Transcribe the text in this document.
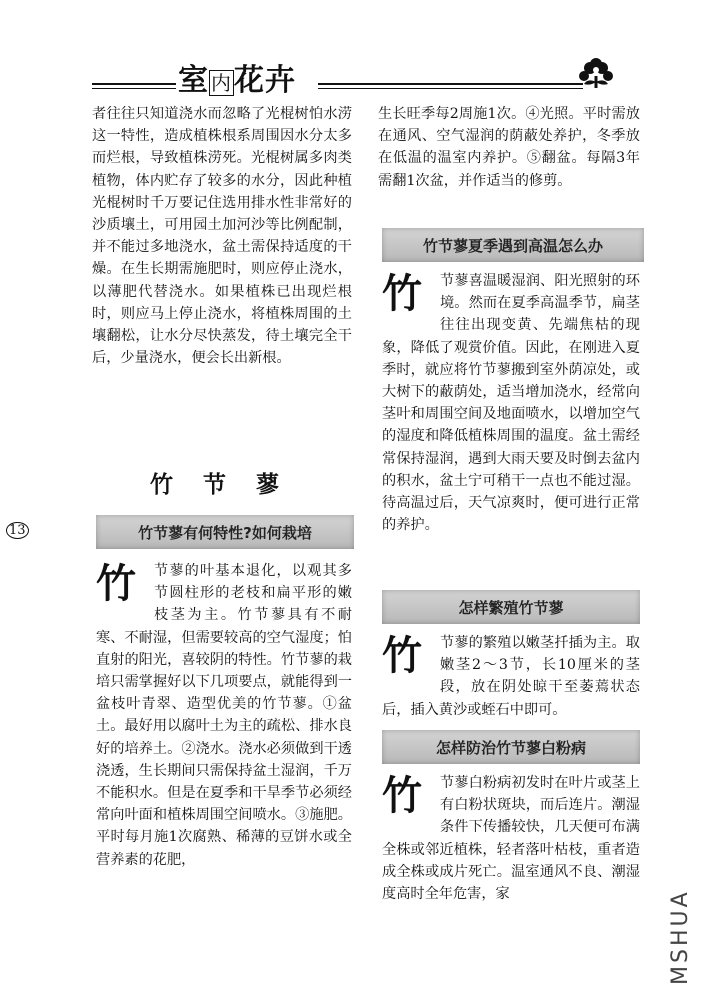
室内花卉

者往往只知道浇水而忽略了光棍树怕水涝这一特性，造成植株根系周围因水分太多而烂根，导致植株涝死。光棍树属多肉类植物，体内贮存了较多的水分，因此种植光棍树时千万要记住选用排水性非常好的沙质壤土，可用园土加河沙等比例配制，并不能过多地浇水，盆土需保持适度的干燥。在生长期需施肥时，则应停止浇水，以薄肥代替浇水。如果植株已出现烂根时，则应马上停止浇水，将植株周围的土壤翻松，让水分尽快蒸发，待土壤完全干后，少量浇水，便会长出新根。

竹节蓼
竹节蓼有何特性?如何栽培
竹	节蓼的叶基本退化，以观其多节圆柱形的老枝和扁平形的嫩枝茎为主。竹节蓼具有不耐寒、不耐湿，但需要较高的空气湿度；怕直射的阳光，喜较阴的特性。竹节蓼的栽培只需掌握好以下几项要点，就能得到一盆枝叶青翠、造型优美的竹节蓼。①盆土。最好用以腐叶土为主的疏松、排水良好的培养土。②浇水。浇水必须做到干透浇透，生长期间只需保持盆土湿润，千万不能积水。但是在夏季和干旱季节必须经常向叶面和植株周围空间喷水。③施肥。平时每月施1次腐熟、稀薄的豆饼水或全营养素的花肥，

生长旺季每2周施1次。④光照。平时需放在通风、空气湿润的荫蔽处养护，冬季放在低温的温室内养护。⑤翻盆。每隔3年需翻1次盆，并作适当的修剪。

竹节蓼夏季遇到高温怎么办
竹	节蓼喜温暖湿润、阳光照射的环境。然而在夏季高温季节，扁茎往往出现变黄、先端焦枯的现象，降低了观赏价值。因此，在刚进入夏季时，就应将竹节蓼搬到室外荫凉处，或大树下的蔽荫处，适当增加浇水，经常向茎叶和周围空间及地面喷水，以增加空气的湿度和降低植株周围的温度。盆土需经常保持湿润，遇到大雨天要及时倒去盆内的积水，盆土宁可稍干一点也不能过湿。待高温过后，天气凉爽时，便可进行正常的养护。

怎样繁殖竹节蓼
竹	节蓼的繁殖以嫩茎扦插为主。取嫩茎2～3节，长10厘米的茎段，放在阴处晾干至萎蔫状态后，插入黄沙或蛭石中即可。

怎样防治竹节蓼白粉病
竹	节蓼白粉病初发时在叶片或茎上有白粉状斑块，而后连片。潮湿条件下传播较快，几天便可布满全株或邻近植株，轻者落叶枯枝，重者造成全株或成片死亡。温室通风不良、潮湿度高时全年危害，家

13
MSHUA
